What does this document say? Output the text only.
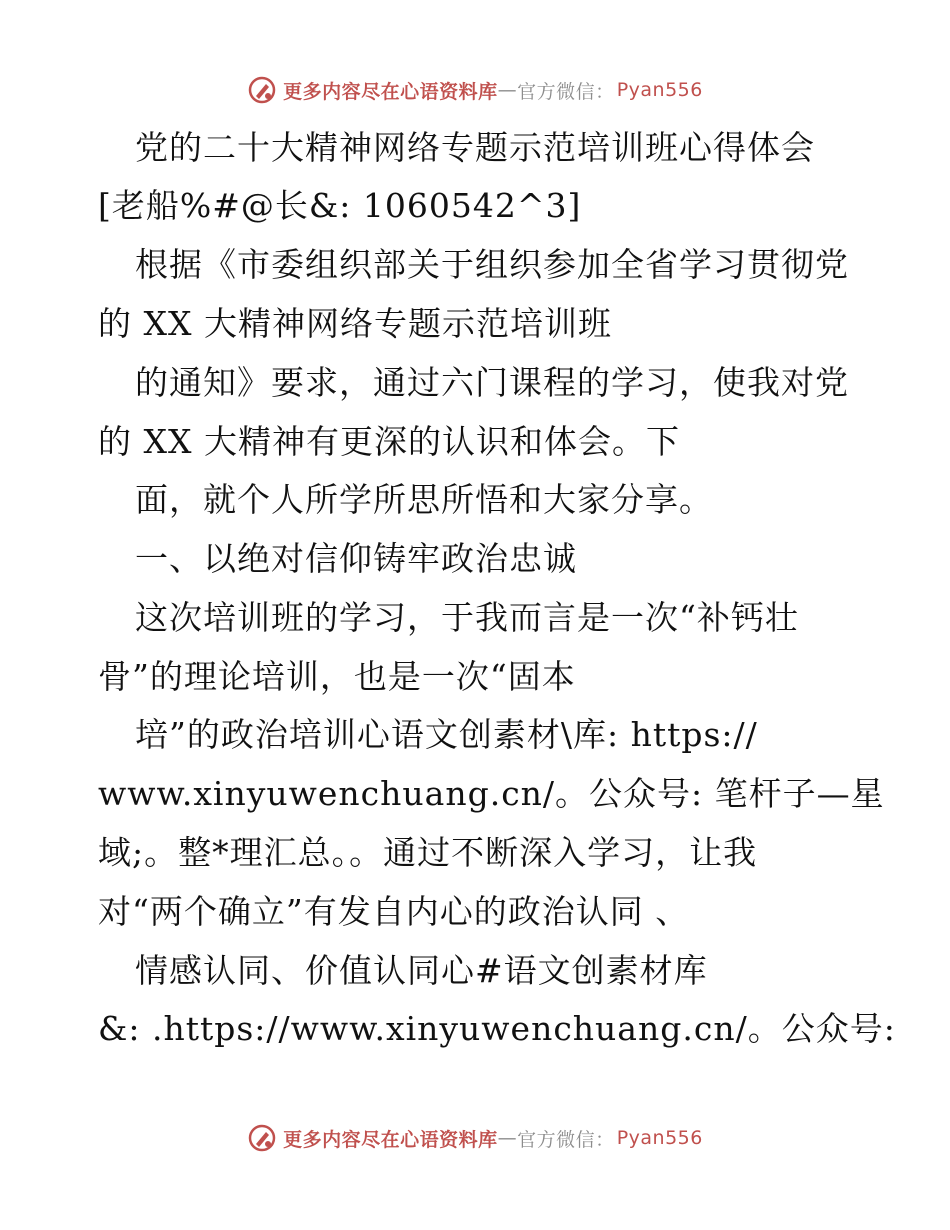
更多内容尽在心语资料库 — 官方微信： Pyan556
党的二十大精神网络专题示范培训班心得体会
[老船%#@长&: 1060542^3]
根据《市委组织部关于组织参加全省学习贯彻党
的 XX 大精神网络专题示范培训班
的通知》要求，通过六门课程的学习，使我对党
的 XX 大精神有更深的认识和体会。下
面，就个人所学所思所悟和大家分享。
一、以绝对信仰铸牢政治忠诚
这次培训班的学习，于我而言是一次“补钙壮
骨”的理论培训，也是一次“固本
培”的政治培训心语文创素材\库: https://
www.xinyuwenchuang.cn/。公众号: 笔杆子—星
域;。整*理汇总。。通过不断深入学习，让我
对“两个确立”有发自内心的政治认同 、
情感认同、价值认同心#语文创素材库
&: .https://www.xinyuwenchuang.cn/。公众号:
更多内容尽在心语资料库 — 官方微信： Pyan556
